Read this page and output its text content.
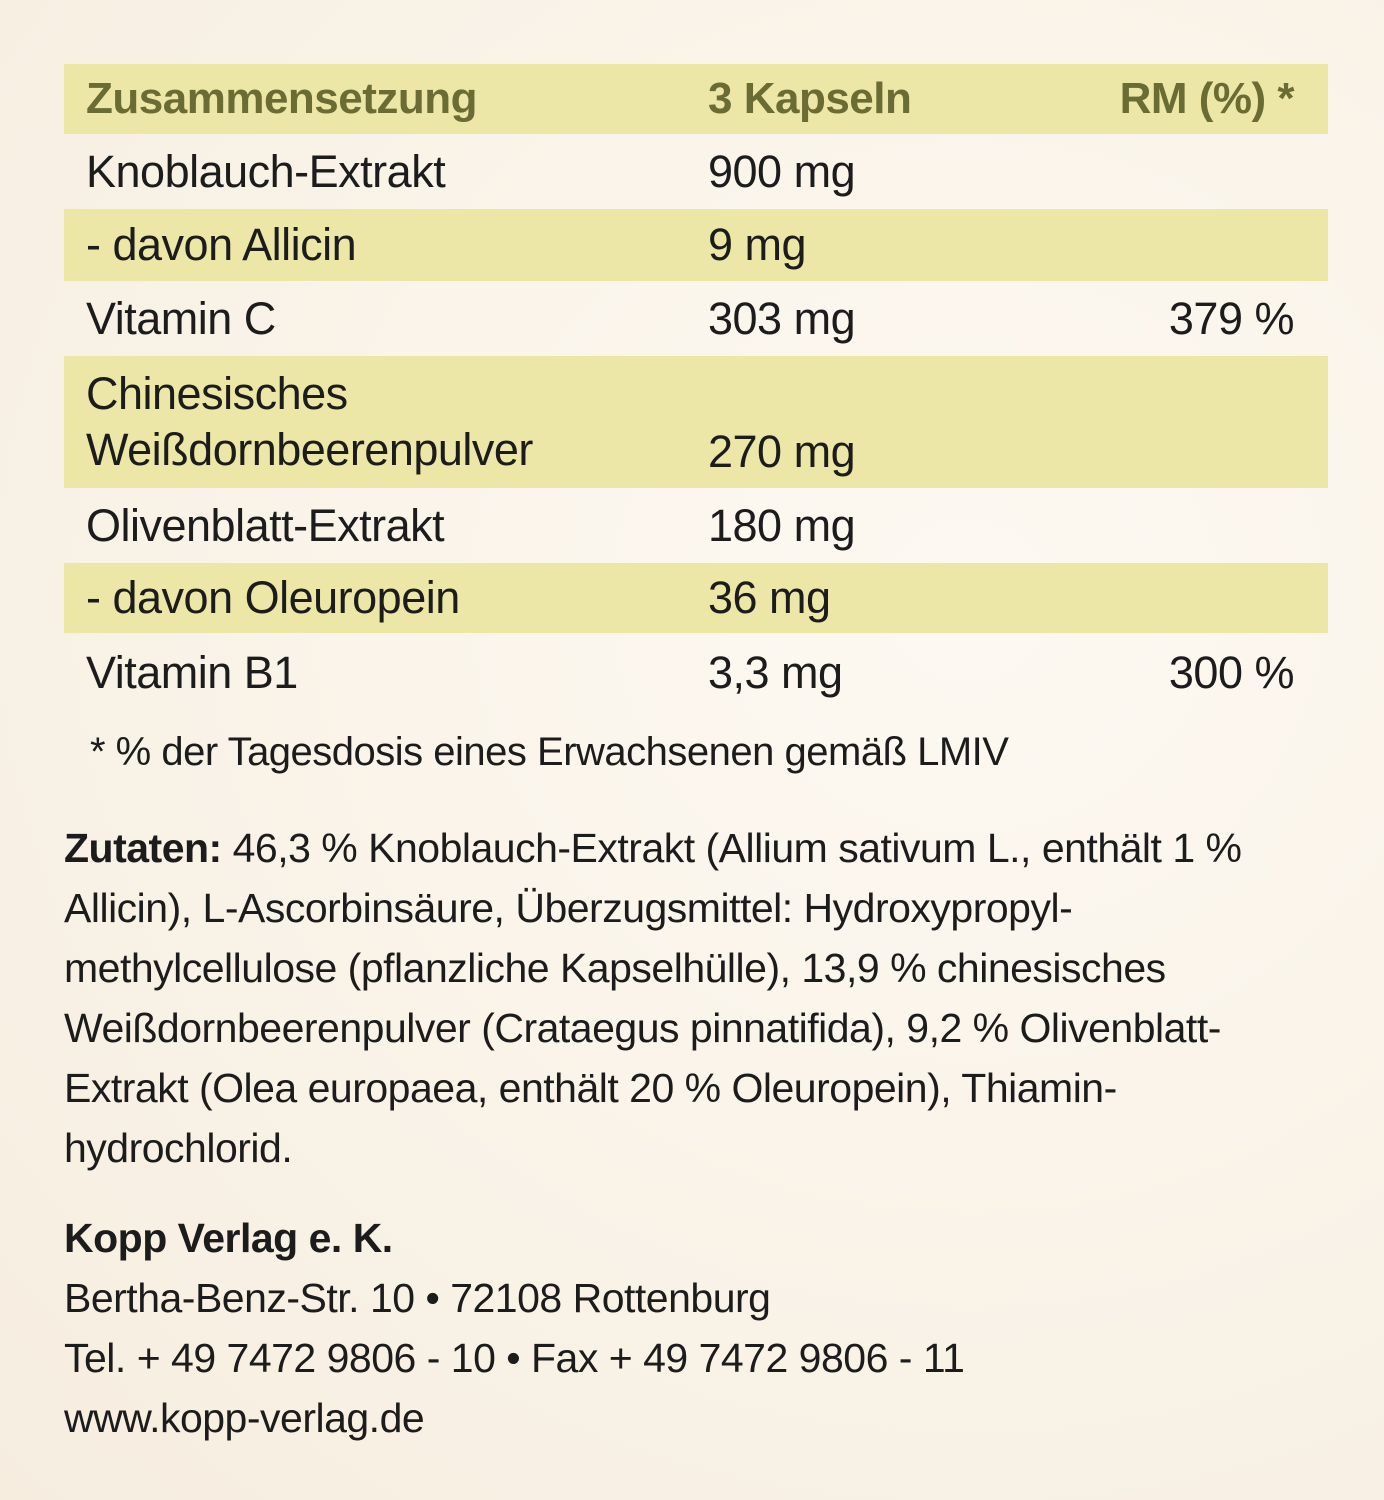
Zusammensetzung	3 Kapseln	RM (%) *
Knoblauch-Extrakt	900 mg
- davon Allicin	9 mg
Vitamin C	303 mg	379 %
Chinesisches
Weißdornbeerenpulver	270 mg
Olivenblatt-Extrakt	180 mg
- davon Oleuropein	36 mg
Vitamin B1	3,3 mg	300 %
* % der Tagesdosis eines Erwachsenen gemäß LMIV
Zutaten: 46,3 % Knoblauch-Extrakt (Allium sativum L., enthält 1 % Allicin), L-Ascorbinsäure, Überzugsmittel: Hydroxypropyl-methylcellulose (pflanzliche Kapselhülle), 13,9 % chinesisches Weißdornbeerenpulver (Crataegus pinnatifida), 9,2 % Olivenblatt-Extrakt (Olea europaea, enthält 20 % Oleuropein), Thiamin-hydrochlorid.
Kopp Verlag e. K.
Bertha-Benz-Str. 10 • 72108 Rottenburg
Tel. + 49 7472 9806 - 10 • Fax + 49 7472 9806 - 11
www.kopp-verlag.de
